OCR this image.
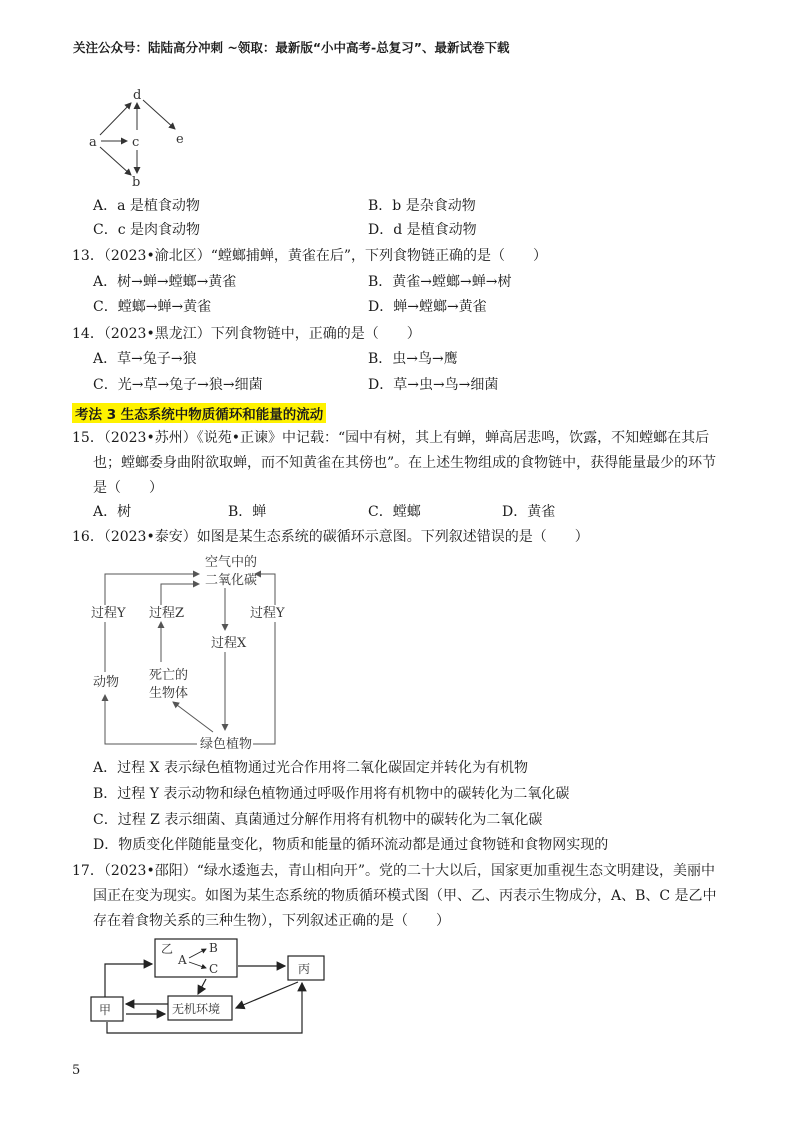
关注公众号：陆陆高分冲刺 ~领取：最新版“小中高考-总复习”、最新试卷下载
a
d
c	e
b
A．a 是植食动物	B．b 是杂食动物
C．c 是肉食动物	D．d 是植食动物
13．（2023•渝北区）“螳螂捕蝉，黄雀在后”，下列食物链正确的是（　　）
A．树→蝉→螳螂→黄雀	B．黄雀→螳螂→蝉→树
C．螳螂→蝉→黄雀	D．蝉→螳螂→黄雀
14．（2023•黑龙江）下列食物链中，正确的是（　　）
A．草→兔子→狼	B．虫→鸟→鹰
C．光→草→兔子→狼→细菌	D．草→虫→鸟→细菌
考法 3 生态系统中物质循环和能量的流动
15．（2023•苏州）《说苑•正谏》中记载：“园中有树，其上有蝉，蝉高居悲鸣，饮露，不知螳螂在其后
也；螳螂委身曲附欲取蝉，而不知黄雀在其傍也”。在上述生物组成的食物链中，获得能量最少的环节
是（　　）
A．树	B．蝉	C．螳螂	D．黄雀
16．（2023•泰安）如图是某生态系统的碳循环示意图。下列叙述错误的是（　　）
空气中的
二氧化碳
过程Y 过程Z	过程Y
过程X
动物 死亡的
生物体
绿色植物
A．过程 X 表示绿色植物通过光合作用将二氧化碳固定并转化为有机物
B．过程 Y 表示动物和绿色植物通过呼吸作用将有机物中的碳转化为二氧化碳
C．过程 Z 表示细菌、真菌通过分解作用将有机物中的碳转化为二氧化碳
D．物质变化伴随能量变化，物质和能量的循环流动都是通过食物链和食物网实现的
17．（2023•邵阳）“绿水逶迤去，青山相向开”。党的二十大以后，国家更加重视生态文明建设，美丽中
国正在变为现实。如图为某生态系统的物质循环模式图（甲、乙、丙表示生物成分，A、B、C 是乙中
存在着食物关系的三种生物），下列叙述正确的是（　　）
乙
A
B
C	丙
甲	无机环境
5
